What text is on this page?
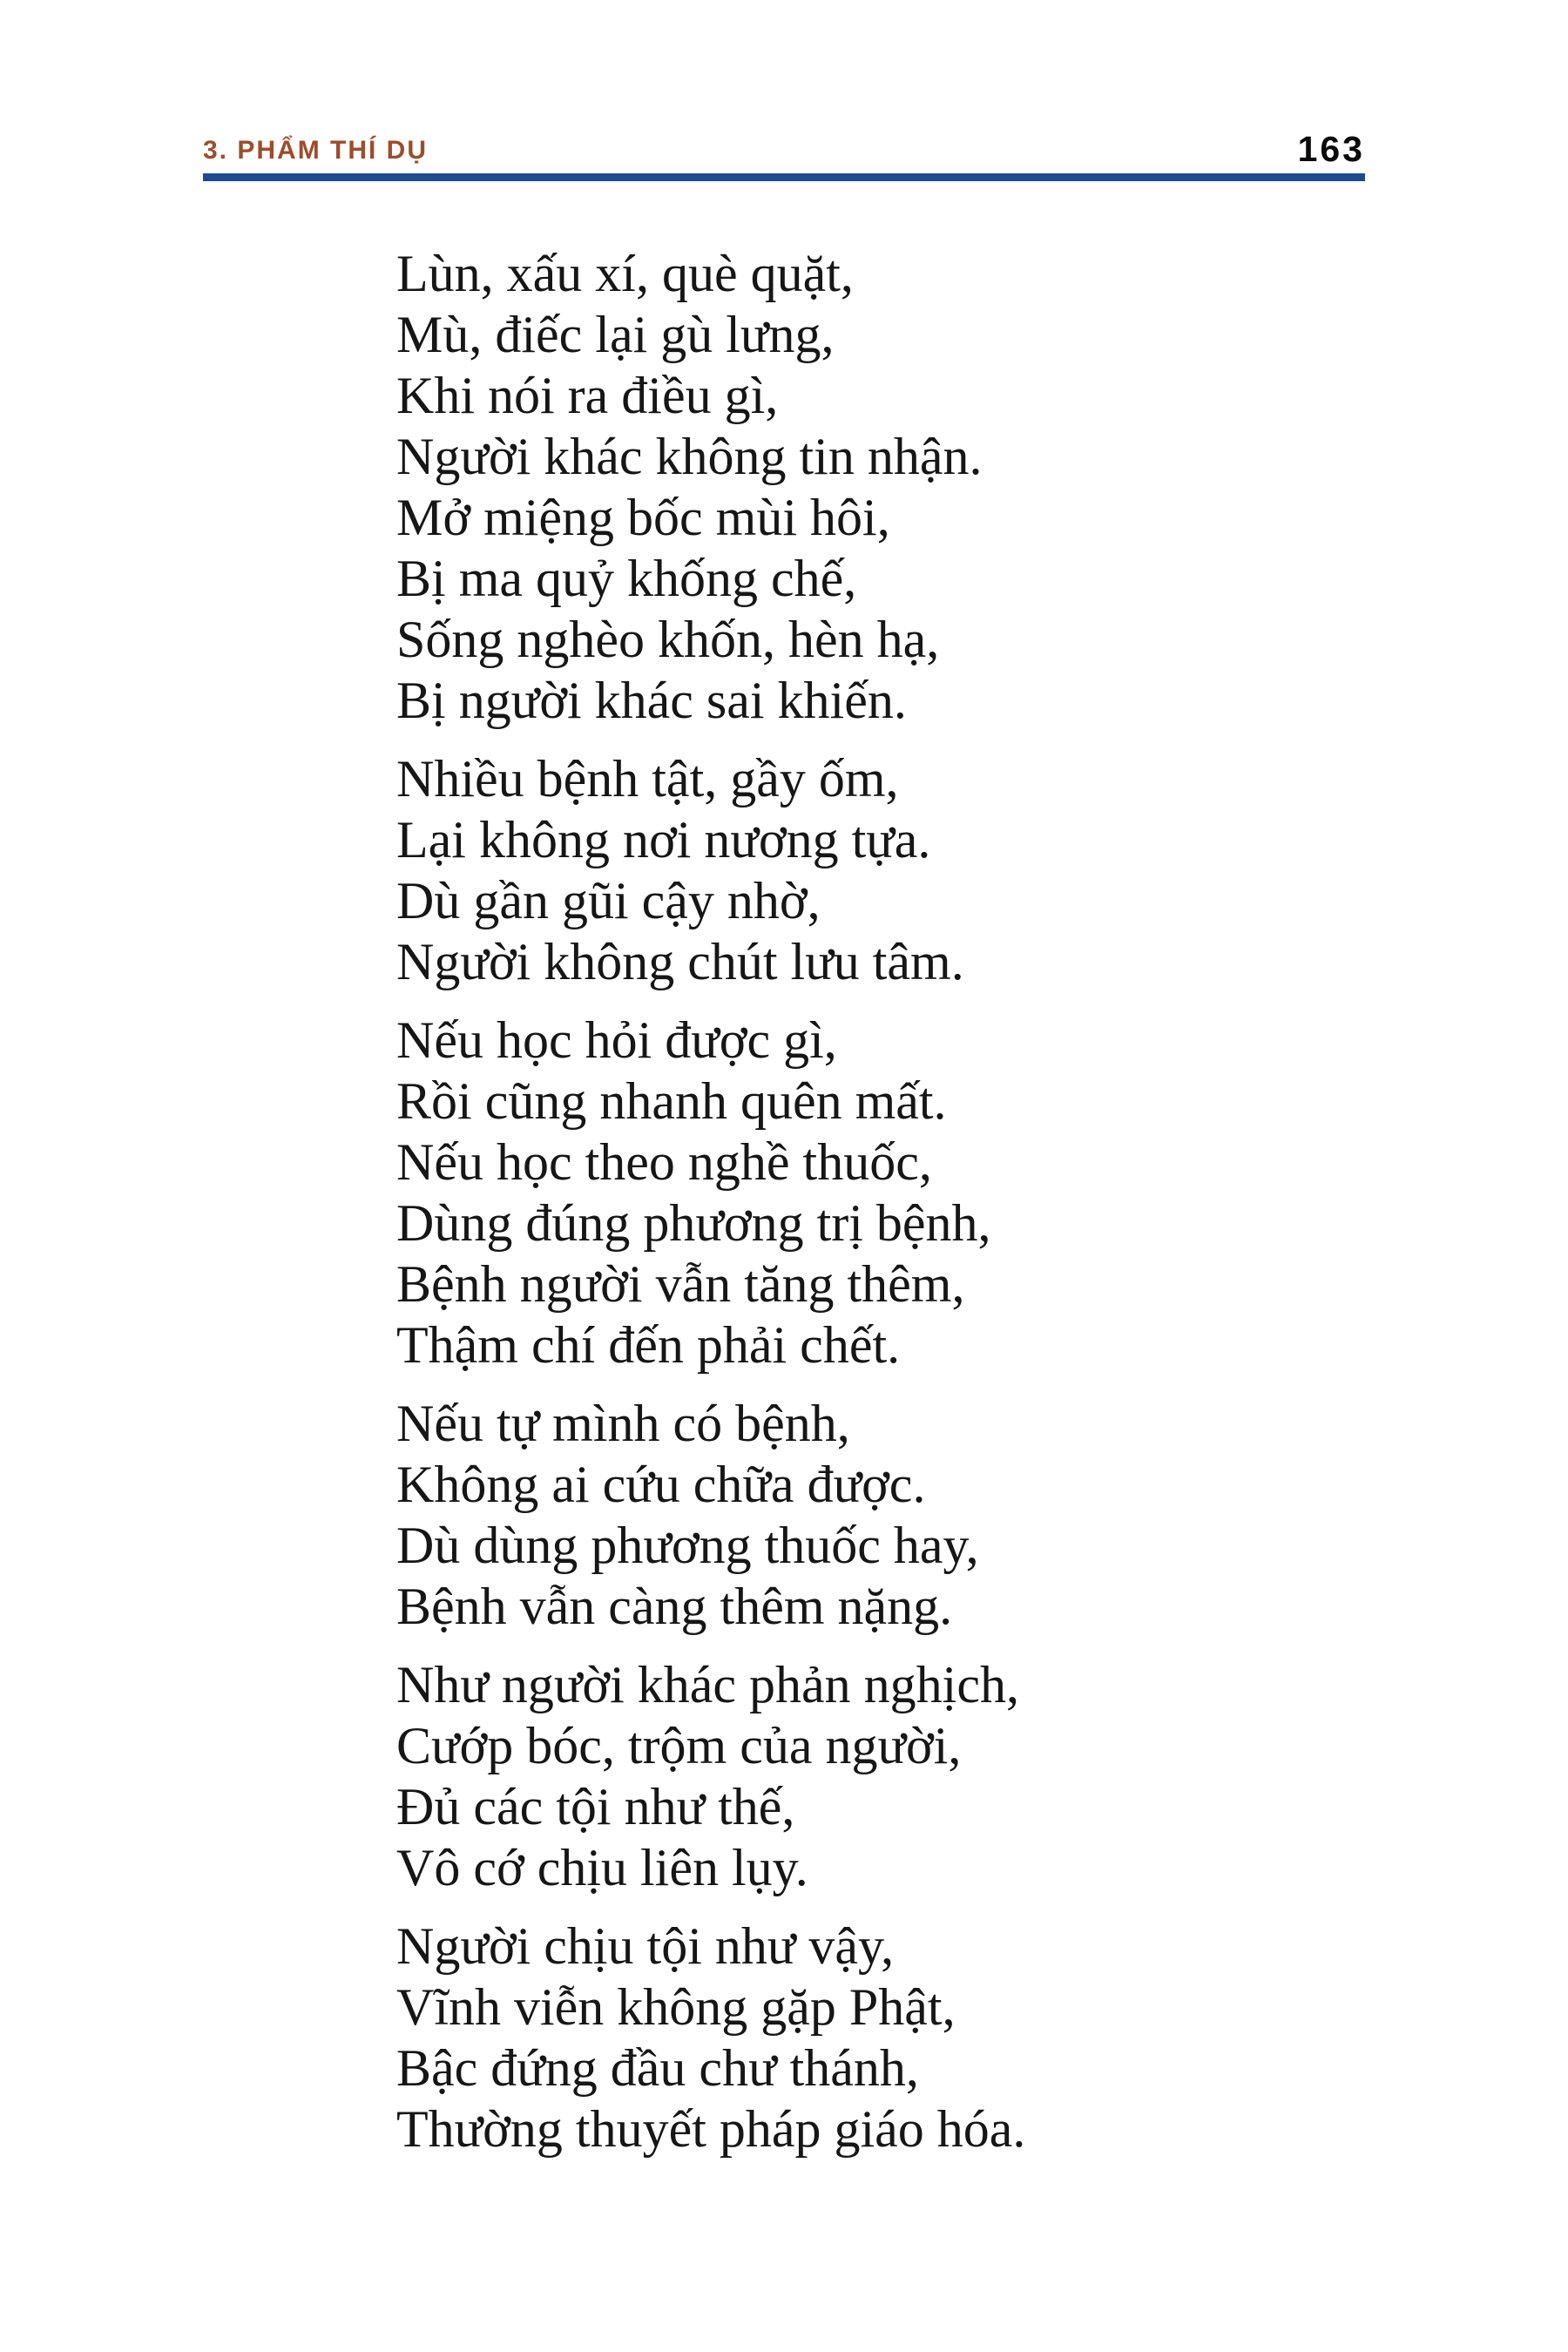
3. PHẨM THÍ DỤ	163

Lùn, xấu xí, què quặt,

Mù, điếc lại gù lưng,

Khi nói ra điều gì,

Người khác không tin nhận.

Mở miệng bốc mùi hôi,

Bị ma quỷ khống chế,

Sống nghèo khốn, hèn hạ,

Bị người khác sai khiến.

Nhiều bệnh tật, gầy ốm,

Lại không nơi nương tựa.

Dù gần gũi cậy nhờ,

Người không chút lưu tâm.

Nếu học hỏi được gì,

Rồi cũng nhanh quên mất.

Nếu học theo nghề thuốc,

Dùng đúng phương trị bệnh,

Bệnh người vẫn tăng thêm,

Thậm chí đến phải chết.

Nếu tự mình có bệnh,

Không ai cứu chữa được.

Dù dùng phương thuốc hay,

Bệnh vẫn càng thêm nặng.

Như người khác phản nghịch,

Cướp bóc, trộm của người,

Đủ các tội như thế,

Vô cớ chịu liên lụy.

Người chịu tội như vậy,

Vĩnh viễn không gặp Phật,

Bậc đứng đầu chư thánh,

Thường thuyết pháp giáo hóa.
